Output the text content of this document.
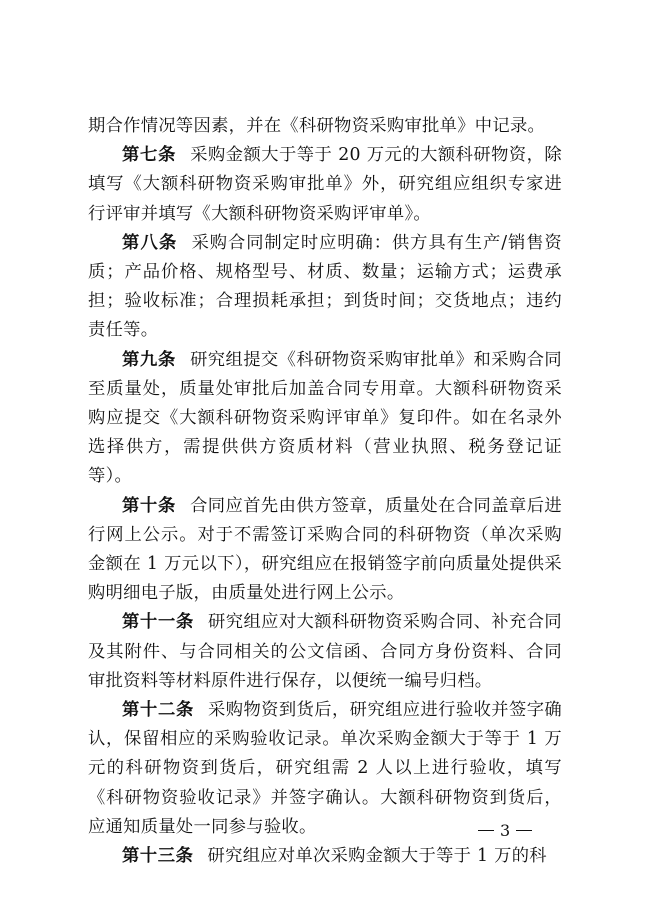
期合作情况等因素，并在《科研物资采购审批单》中记录。

第七条 采购金额大于等于 20 万元的大额科研物资，除填写《大额科研物资采购审批单》外，研究组应组织专家进行评审并填写《大额科研物资采购评审单》。

第八条 采购合同制定时应明确：供方具有生产/销售资质；产品价格、规格型号、材质、数量；运输方式；运费承担；验收标准；合理损耗承担；到货时间；交货地点；违约责任等。

第九条 研究组提交《科研物资采购审批单》和采购合同至质量处，质量处审批后加盖合同专用章。大额科研物资采购应提交《大额科研物资采购评审单》复印件。如在名录外选择供方，需提供供方资质材料（营业执照、税务登记证等）。

第十条 合同应首先由供方签章，质量处在合同盖章后进行网上公示。对于不需签订采购合同的科研物资（单次采购金额在 1 万元以下），研究组应在报销签字前向质量处提供采购明细电子版，由质量处进行网上公示。

第十一条 研究组应对大额科研物资采购合同、补充合同及其附件、与合同相关的公文信函、合同方身份资料、合同审批资料等材料原件进行保存，以便统一编号归档。

第十二条 采购物资到货后，研究组应进行验收并签字确认，保留相应的采购验收记录。单次采购金额大于等于 1 万元的科研物资到货后，研究组需 2 人以上进行验收，填写《科研物资验收记录》并签字确认。大额科研物资到货后，应通知质量处一同参与验收。

第十三条 研究组应对单次采购金额大于等于 1 万的科

3
